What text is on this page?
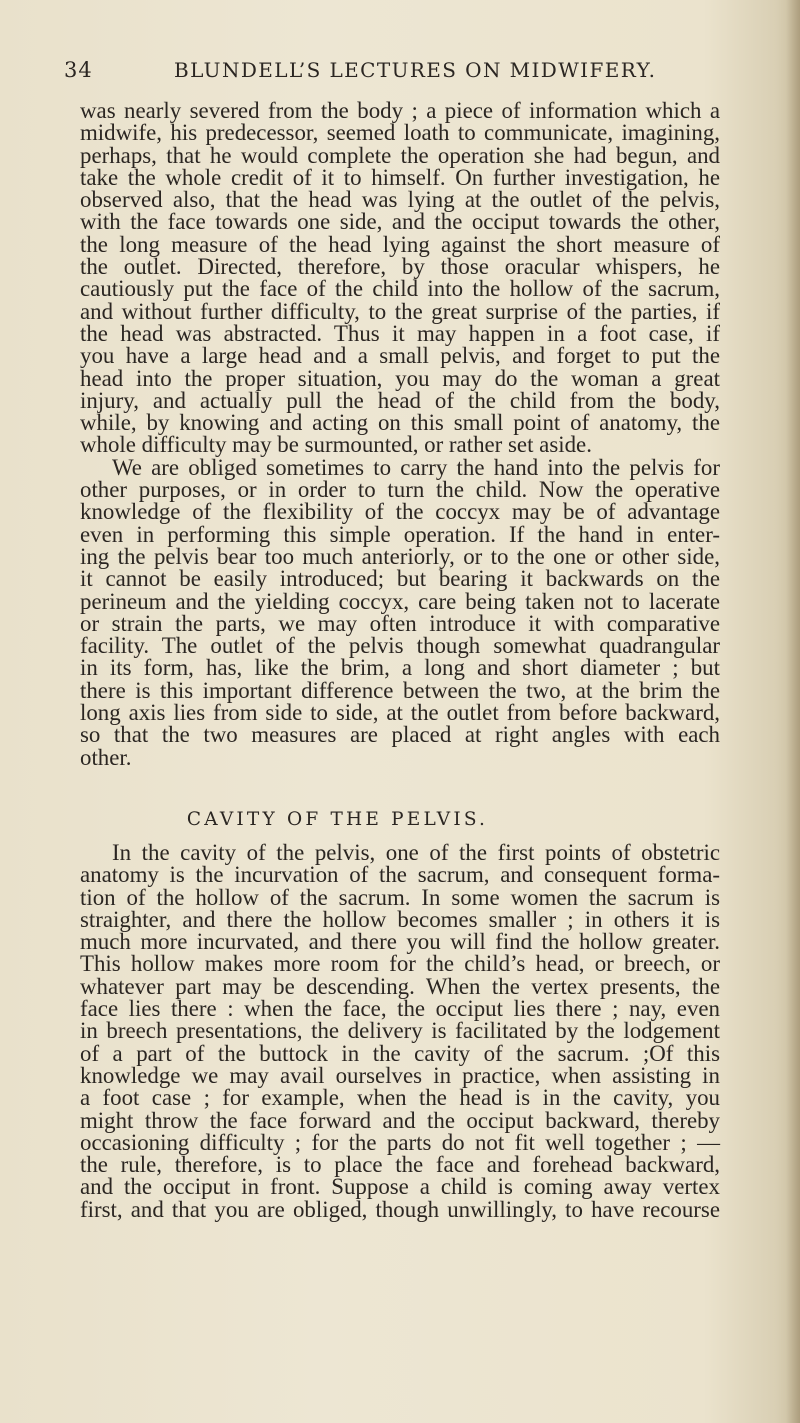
34	BLUNDELL’S LECTURES ON MIDWIFERY.
was nearly severed from the body ; a piece of information which a
midwife, his predecessor, seemed loath to communicate, imagining,
perhaps, that he would complete the operation she had begun, and
take the whole credit of it to himself. On further investigation, he
observed also, that the head was lying at the outlet of the pelvis,
with the face towards one side, and the occiput towards the other,
the long measure of the head lying against the short measure of
the outlet. Directed, therefore, by those oracular whispers, he
cautiously put the face of the child into the hollow of the sacrum,
and without further difficulty, to the great surprise of the parties, if
the head was abstracted. Thus it may happen in a foot case, if
you have a large head and a small pelvis, and forget to put the
head into the proper situation, you may do the woman a great
injury, and actually pull the head of the child from the body,
while, by knowing and acting on this small point of anatomy, the
whole difficulty may be surmounted, or rather set aside.
We are obliged sometimes to carry the hand into the pelvis for
other purposes, or in order to turn the child. Now the operative
knowledge of the flexibility of the coccyx may be of advantage
even in performing this simple operation. If the hand in enter-
ing the pelvis bear too much anteriorly, or to the one or other side,
it cannot be easily introduced; but bearing it backwards on the
perineum and the yielding coccyx, care being taken not to lacerate
or strain the parts, we may often introduce it with comparative
facility. The outlet of the pelvis though somewhat quadrangular
in its form, has, like the brim, a long and short diameter ; but
there is this important difference between the two, at the brim the
long axis lies from side to side, at the outlet from before backward,
so that the two measures are placed at right angles with each
other.
CAVITY OF THE PELVIS.
In the cavity of the pelvis, one of the first points of obstetric
anatomy is the incurvation of the sacrum, and consequent forma-
tion of the hollow of the sacrum. In some women the sacrum is
straighter, and there the hollow becomes smaller ; in others it is
much more incurvated, and there you will find the hollow greater.
This hollow makes more room for the child’s head, or breech, or
whatever part may be descending. When the vertex presents, the
face lies there : when the face, the occiput lies there ; nay, even
in breech presentations, the delivery is facilitated by the lodgement
of a part of the buttock in the cavity of the sacrum. ;Of this
knowledge we may avail ourselves in practice, when assisting in
a foot case ; for example, when the head is in the cavity, you
might throw the face forward and the occiput backward, thereby
occasioning difficulty ; for the parts do not fit well together ; —
the rule, therefore, is to place the face and forehead backward,
and the occiput in front. Suppose a child is coming away vertex
first, and that you are obliged, though unwillingly, to have recourse
